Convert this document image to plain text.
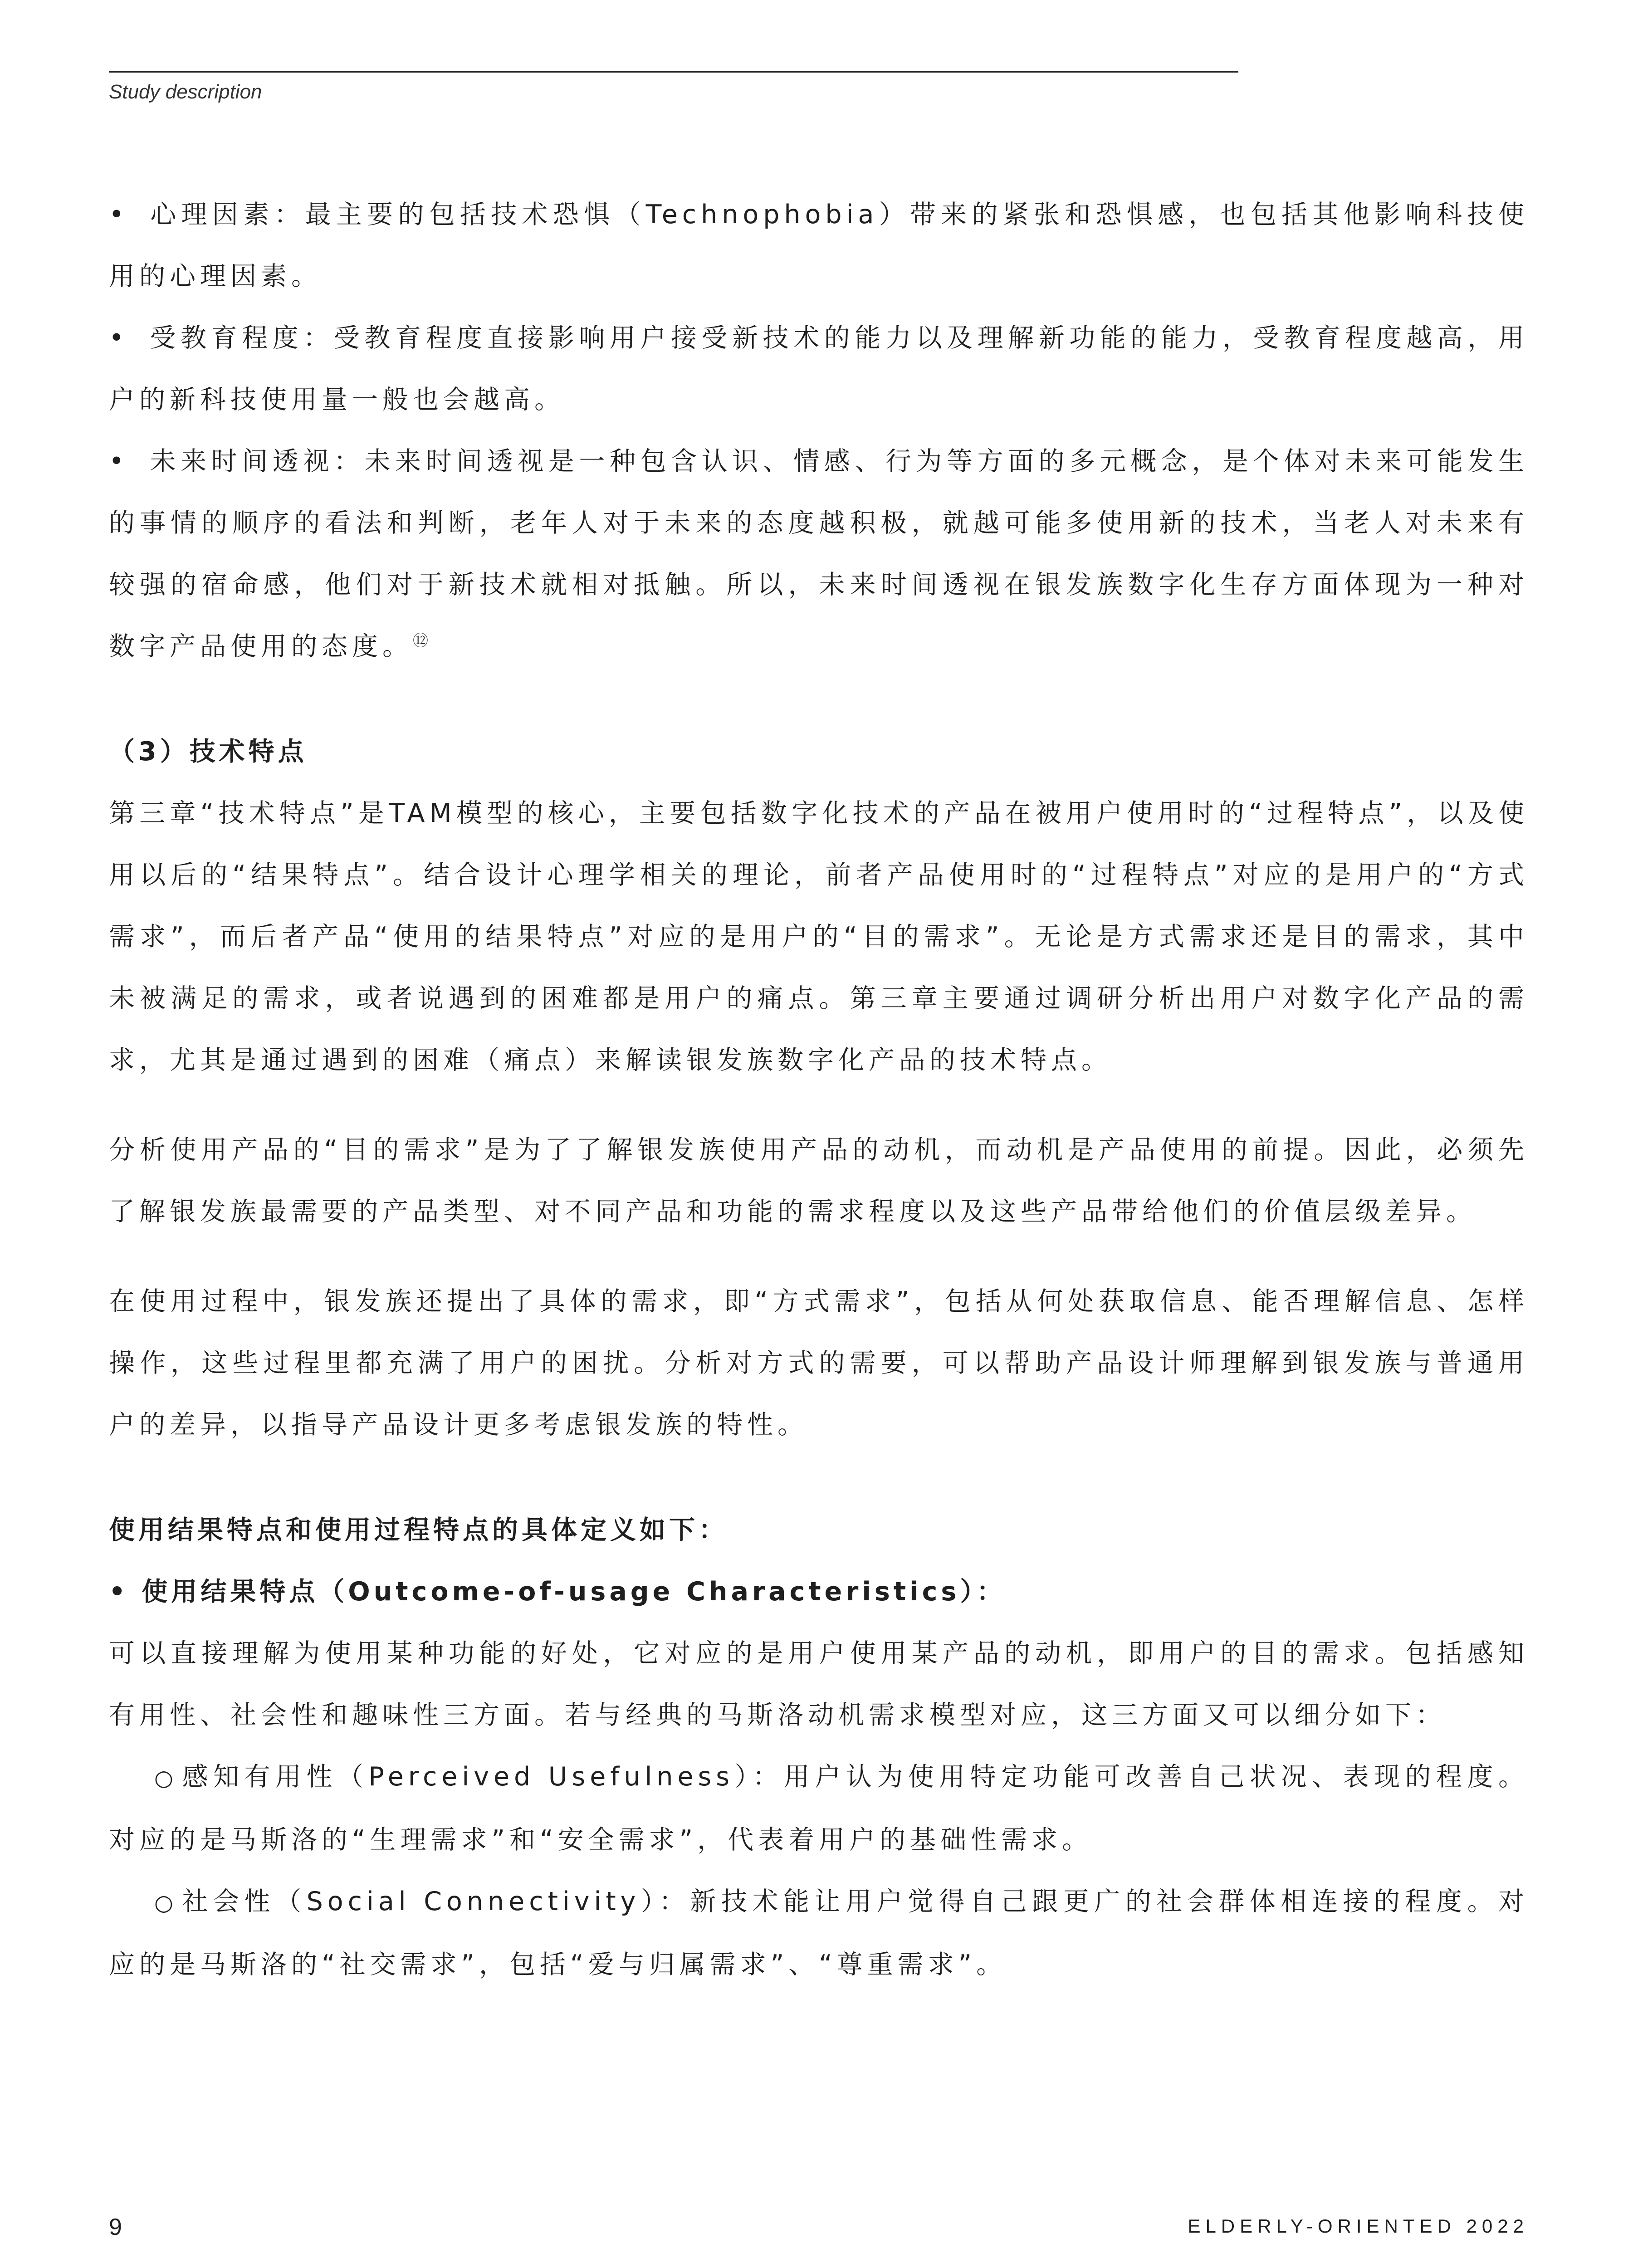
Study description

• 心理因素：最主要的包括技术恐惧（Technophobia）带来的紧张和恐惧感，也包括其他影响科技使用的心理因素。

• 受教育程度：受教育程度直接影响用户接受新技术的能力以及理解新功能的能力，受教育程度越高，用户的新科技使用量一般也会越高。

• 未来时间透视：未来时间透视是一种包含认识、情感、行为等方面的多元概念，是个体对未来可能发生的事情的顺序的看法和判断，老年人对于未来的态度越积极，就越可能多使用新的技术，当老人对未来有较强的宿命感，他们对于新技术就相对抵触。所以，未来时间透视在银发族数字化生存方面体现为一种对数字产品使用的态度。⑫

（3）技术特点

第三章“技术特点”是TAM模型的核心，主要包括数字化技术的产品在被用户使用时的“过程特点”，以及使用以后的“结果特点”。结合设计心理学相关的理论，前者产品使用时的“过程特点”对应的是用户的“方式需求”，而后者产品“使用的结果特点”对应的是用户的“目的需求”。无论是方式需求还是目的需求，其中未被满足的需求，或者说遇到的困难都是用户的痛点。第三章主要通过调研分析出用户对数字化产品的需求，尤其是通过遇到的困难（痛点）来解读银发族数字化产品的技术特点。

分析使用产品的“目的需求”是为了了解银发族使用产品的动机，而动机是产品使用的前提。因此，必须先了解银发族最需要的产品类型、对不同产品和功能的需求程度以及这些产品带给他们的价值层级差异。

在使用过程中，银发族还提出了具体的需求，即“方式需求”，包括从何处获取信息、能否理解信息、怎样操作，这些过程里都充满了用户的困扰。分析对方式的需要，可以帮助产品设计师理解到银发族与普通用户的差异，以指导产品设计更多考虑银发族的特性。

使用结果特点和使用过程特点的具体定义如下：

• 使用结果特点（Outcome-of-usage Characteristics）：

可以直接理解为使用某种功能的好处，它对应的是用户使用某产品的动机，即用户的目的需求。包括感知有用性、社会性和趣味性三方面。若与经典的马斯洛动机需求模型对应，这三方面又可以细分如下：

○ 感知有用性（Perceived Usefulness）：用户认为使用特定功能可改善自己状况、表现的程度。对应的是马斯洛的“生理需求”和“安全需求”，代表着用户的基础性需求。

○ 社会性（Social Connectivity）：新技术能让用户觉得自己跟更广的社会群体相连接的程度。对应的是马斯洛的“社交需求”，包括“爱与归属需求”、“尊重需求”。

9	ELDERLY-ORIENTED 2022
